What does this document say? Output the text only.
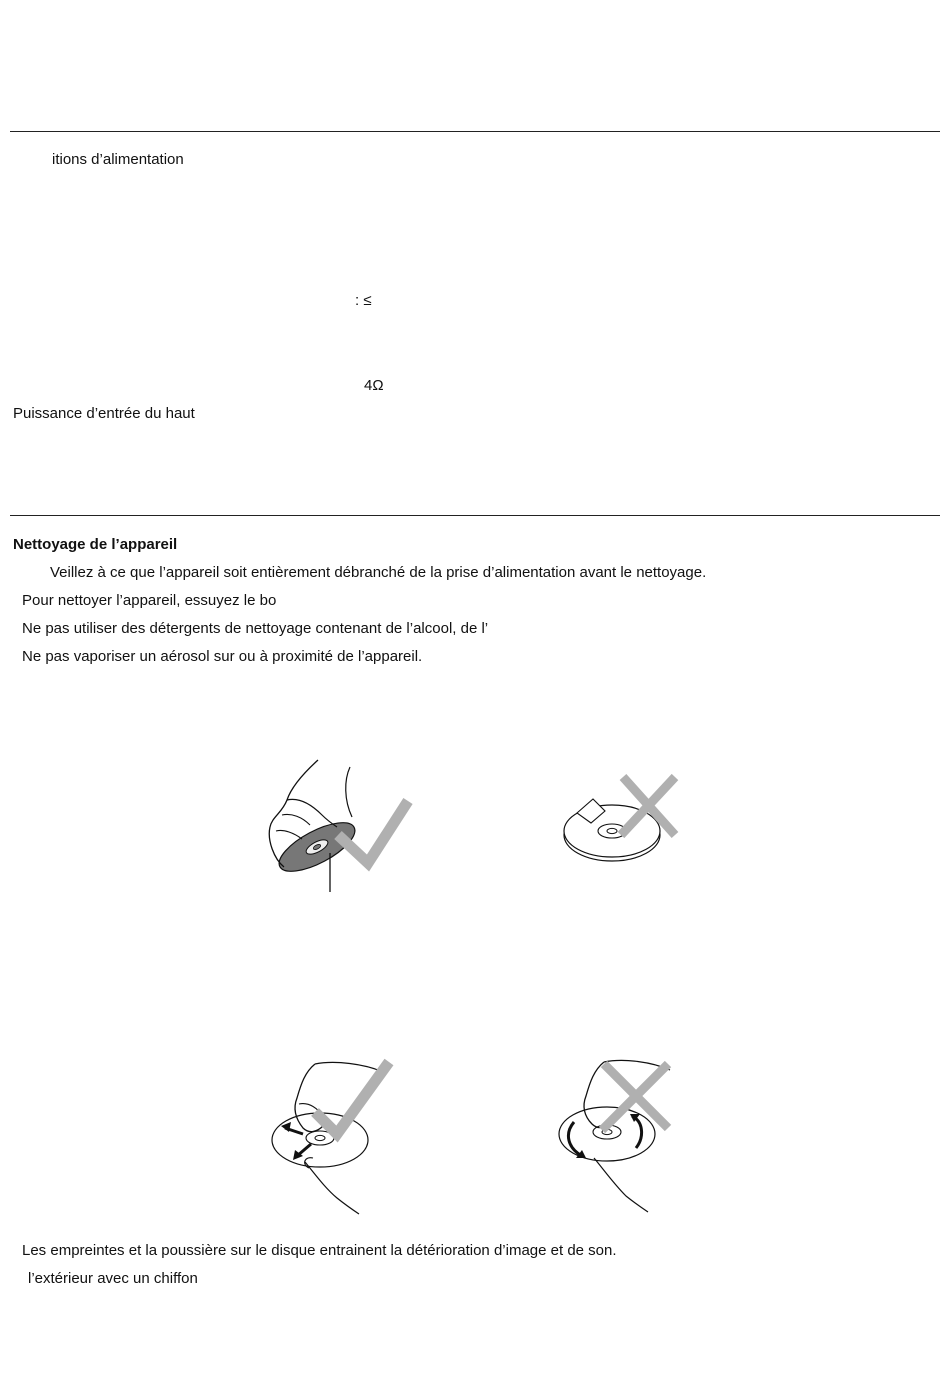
itions d’alimentation
: ≤
4Ω
Puissance d’entrée du haut
Nettoyage de l’appareil
Veillez à ce que l’appareil soit entièrement débranché de la prise d’alimentation avant le nettoyage.
Pour nettoyer l’appareil, essuyez le bo
Ne pas utiliser des détergents de nettoyage contenant de l’alcool, de l’
Ne pas vaporiser un aérosol sur ou à proximité de l’appareil.
Les empreintes et la poussière sur le disque entrainent la détérioration d’image et de son.
l’extérieur avec un chiffon
